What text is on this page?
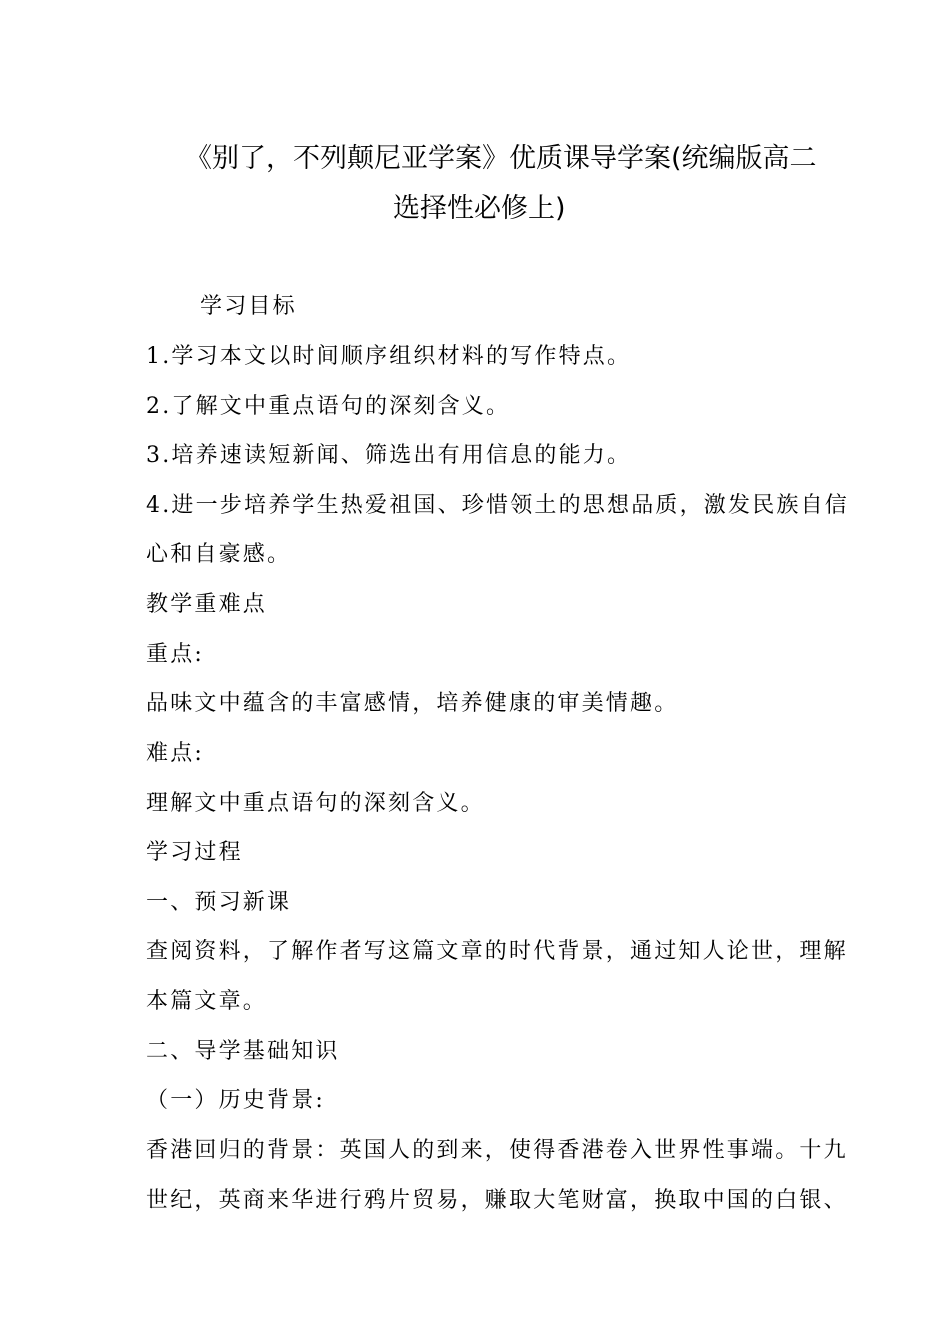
《别了，不列颠尼亚学案》优质课导学案(统编版高二
选择性必修上)
学习目标
1.学习本文以时间顺序组织材料的写作特点。
2.了解文中重点语句的深刻含义。
3.培养速读短新闻、筛选出有用信息的能力。
4.进一步培养学生热爱祖国、珍惜领土的思想品质，激发民族自信
心和自豪感。
教学重难点
重点:
品味文中蕴含的丰富感情，培养健康的审美情趣。
难点:
理解文中重点语句的深刻含义。
学习过程
一、预习新课
查阅资料，了解作者写这篇文章的时代背景，通过知人论世，理解
本篇文章。
二、导学基础知识
（一）历史背景:
香港回归的背景：英国人的到来，使得香港卷入世界性事端。十九
世纪，英商来华进行鸦片贸易，赚取大笔财富，换取中国的白银、
